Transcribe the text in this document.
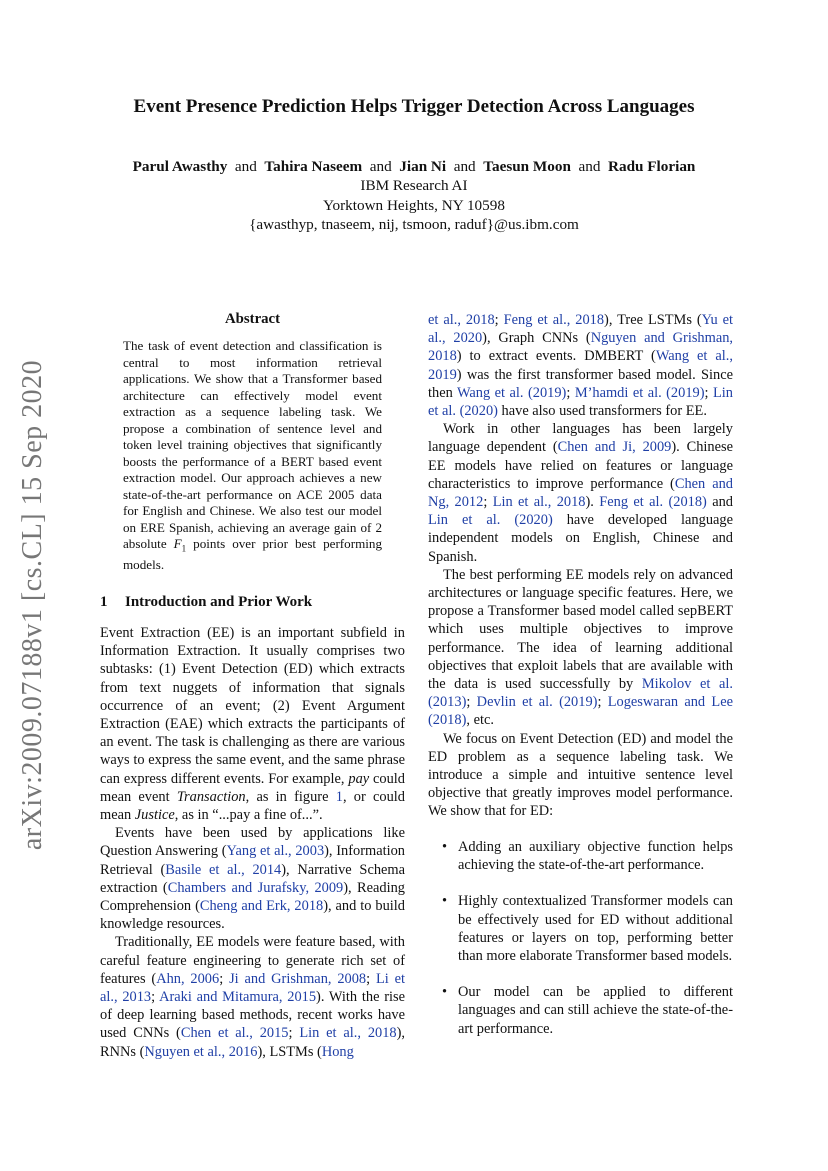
Event Presence Prediction Helps Trigger Detection Across Languages
Parul Awasthy and Tahira Naseem and Jian Ni and Taesun Moon and Radu Florian
IBM Research AI
Yorktown Heights, NY 10598
{awasthyp, tnaseem, nij, tsmoon, raduf}@us.ibm.com
arXiv:2009.07188v1 [cs.CL] 15 Sep 2020
Abstract
The task of event detection and classification is central to most information retrieval applications. We show that a Transformer based architecture can effectively model event extraction as a sequence labeling task. We propose a combination of sentence level and token level training objectives that significantly boosts the performance of a BERT based event extraction model. Our approach achieves a new state-of-the-art performance on ACE 2005 data for English and Chinese. We also test our model on ERE Spanish, achieving an average gain of 2 absolute $F_1$ points over prior best performing models.
1 Introduction and Prior Work

Event Extraction (EE) is an important subfield in Information Extraction. It usually comprises two subtasks: (1) Event Detection (ED) which extracts from text nuggets of information that signals occurrence of an event; (2) Event Argument Extraction (EAE) which extracts the participants of an event. The task is challenging as there are various ways to express the same event, and the same phrase can express different events. For example, pay could mean event Transaction, as in figure 1, or could mean Justice, as in “...pay a fine of...”.

Events have been used by applications like Question Answering (Yang et al., 2003), Information Retrieval (Basile et al., 2014), Narrative Schema extraction (Chambers and Jurafsky, 2009), Reading Comprehension (Cheng and Erk, 2018), and to build knowledge resources.

Traditionally, EE models were feature based, with careful feature engineering to generate rich set of features (Ahn, 2006; Ji and Grishman, 2008; Li et al., 2013; Araki and Mitamura, 2015). With the rise of deep learning based methods, recent works have used CNNs (Chen et al., 2015; Lin et al., 2018), RNNs (Nguyen et al., 2016), LSTMs (Hong

et al., 2018; Feng et al., 2018), Tree LSTMs (Yu et al., 2020), Graph CNNs (Nguyen and Grishman, 2018) to extract events. DMBERT (Wang et al., 2019) was the first transformer based model. Since then Wang et al. (2019); M’hamdi et al. (2019); Lin et al. (2020) have also used transformers for EE.

Work in other languages has been largely language dependent (Chen and Ji, 2009). Chinese EE models have relied on features or language characteristics to improve performance (Chen and Ng, 2012; Lin et al., 2018). Feng et al. (2018) and Lin et al. (2020) have developed language independent models on English, Chinese and Spanish.

The best performing EE models rely on advanced architectures or language specific features. Here, we propose a Transformer based model called sepBERT which uses multiple objectives to improve performance. The idea of learning additional objectives that exploit labels that are available with the data is used successfully by Mikolov et al. (2013); Devlin et al. (2019); Logeswaran and Lee (2018), etc.

We focus on Event Detection (ED) and model the ED problem as a sequence labeling task. We introduce a simple and intuitive sentence level objective that greatly improves model performance. We show that for ED:

• Adding an auxiliary objective function helps achieving the state-of-the-art performance.
• Highly contextualized Transformer models can be effectively used for ED without additional features or layers on top, performing better than more elaborate Transformer based models.
• Our model can be applied to different languages and can still achieve the state-of-the-art performance.
